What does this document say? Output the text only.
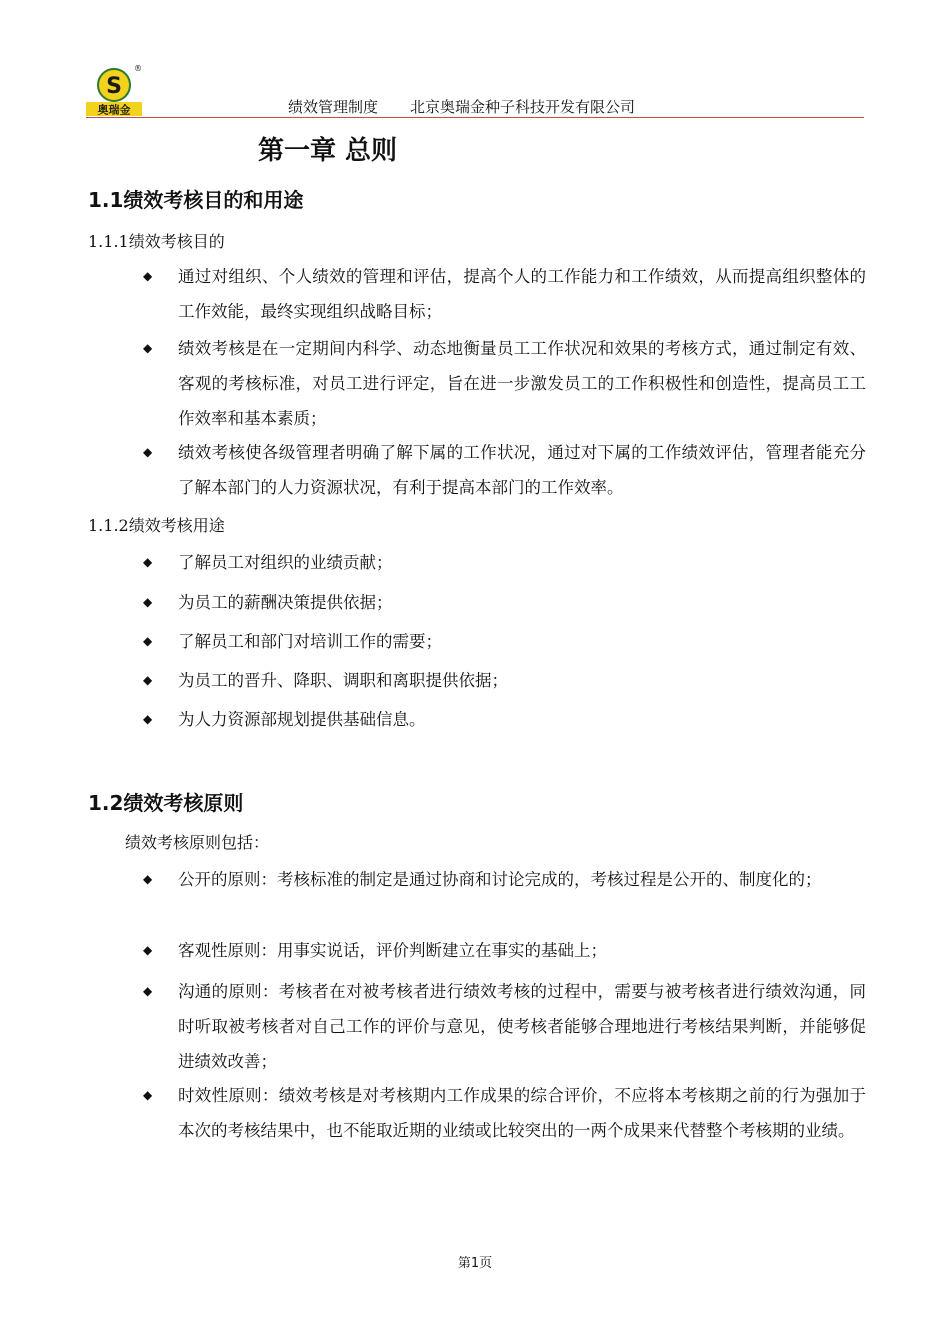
S
奥瑞金
®
绩效管理制度 北京奥瑞金种子科技开发有限公司
第一章 总则
1.1绩效考核目的和用途
1.1.1绩效考核目的
◆ 通过对组织、个人绩效的管理和评估，提高个人的工作能力和工作绩效，从而提高组织整体的工作效能，最终实现组织战略目标；
◆ 绩效考核是在一定期间内科学、动态地衡量员工工作状况和效果的考核方式，通过制定有效、客观的考核标准，对员工进行评定，旨在进一步激发员工的工作积极性和创造性，提高员工工作效率和基本素质；
◆ 绩效考核使各级管理者明确了解下属的工作状况，通过对下属的工作绩效评估，管理者能充分了解本部门的人力资源状况，有利于提高本部门的工作效率。
1.1.2绩效考核用途
◆ 了解员工对组织的业绩贡献；
◆ 为员工的薪酬决策提供依据；
◆ 了解员工和部门对培训工作的需要；
◆ 为员工的晋升、降职、调职和离职提供依据；
◆ 为人力资源部规划提供基础信息。
1.2绩效考核原则
绩效考核原则包括：
◆ 公开的原则：考核标准的制定是通过协商和讨论完成的，考核过程是公开的、制度化的；
◆ 客观性原则：用事实说话，评价判断建立在事实的基础上；
◆ 沟通的原则：考核者在对被考核者进行绩效考核的过程中，需要与被考核者进行绩效沟通，同时听取被考核者对自己工作的评价与意见，使考核者能够合理地进行考核结果判断，并能够促进绩效改善；
◆ 时效性原则：绩效考核是对考核期内工作成果的综合评价，不应将本考核期之前的行为强加于本次的考核结果中，也不能取近期的业绩或比较突出的一两个成果来代替整个考核期的业绩。
第1页
